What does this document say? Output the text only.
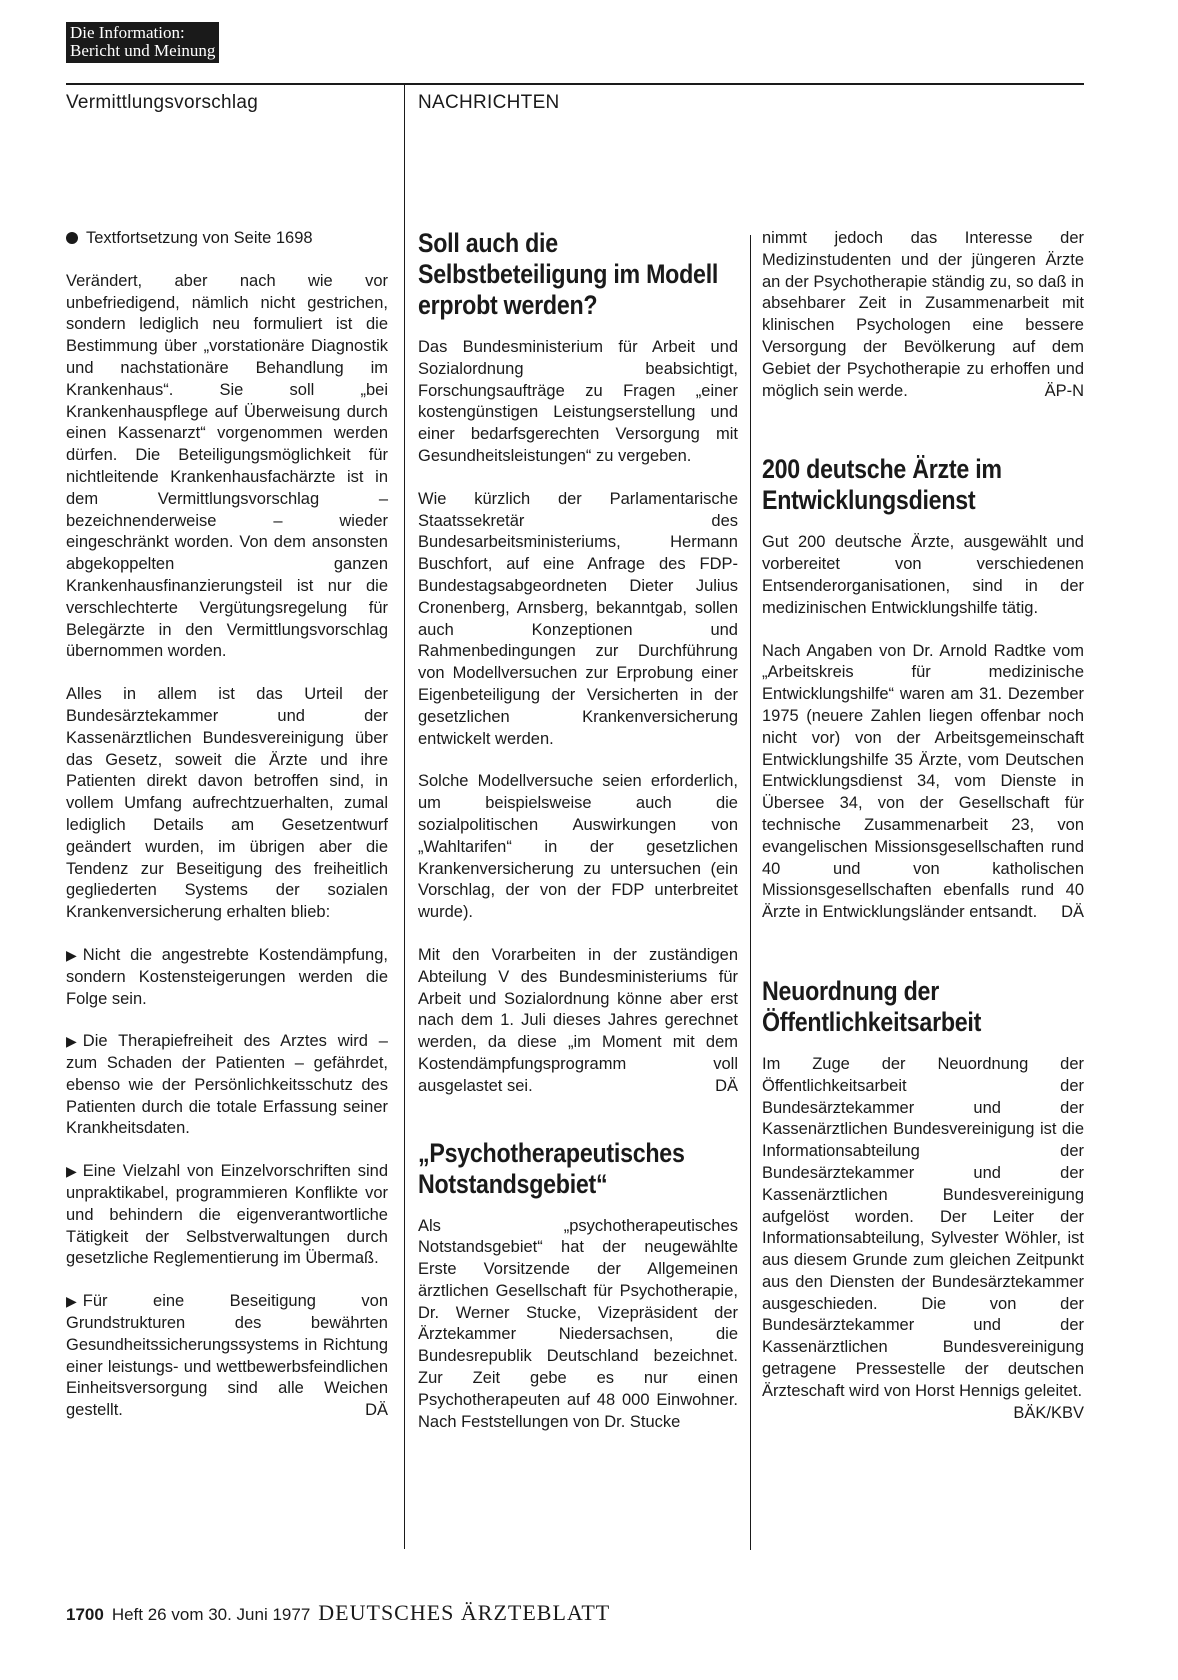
Die Information:
Bericht und Meinung
Vermittlungsvorschlag	NACHRICHTEN

Textfortsetzung von Seite 1698

Verändert, aber nach wie vor unbefriedigend, nämlich nicht gestrichen, sondern lediglich neu formuliert ist die Bestimmung über „vorstationäre Diagnostik und nachstationäre Behandlung im Krankenhaus“. Sie soll „bei Krankenhauspflege auf Überweisung durch einen Kassenarzt“ vorgenommen werden dürfen. Die Beteiligungsmöglichkeit für nichtleitende Krankenhausfachärzte ist in dem Vermittlungsvorschlag – bezeichnenderweise – wieder eingeschränkt worden. Von dem ansonsten abgekoppelten ganzen Krankenhausfinanzierungsteil ist nur die verschlechterte Vergütungsregelung für Belegärzte in den Vermittlungsvorschlag übernommen worden.

Alles in allem ist das Urteil der Bundesärztekammer und der Kassenärztlichen Bundesvereinigung über das Gesetz, soweit die Ärzte und ihre Patienten direkt davon betroffen sind, in vollem Umfang aufrechtzuerhalten, zumal lediglich Details am Gesetzentwurf geändert wurden, im übrigen aber die Tendenz zur Beseitigung des freiheitlich gegliederten Systems der sozialen Krankenversicherung erhalten blieb:

▶ Nicht die angestrebte Kostendämpfung, sondern Kostensteigerungen werden die Folge sein.

▶ Die Therapiefreiheit des Arztes wird – zum Schaden der Patienten – gefährdet, ebenso wie der Persönlichkeitsschutz des Patienten durch die totale Erfassung seiner Krankheitsdaten.

▶ Eine Vielzahl von Einzelvorschriften sind unpraktikabel, programmieren Konflikte vor und behindern die eigenverantwortliche Tätigkeit der Selbstverwaltungen durch gesetzliche Reglementierung im Übermaß.

▶ Für eine Beseitigung von Grundstrukturen des bewährten Gesundheitssicherungssystems in Richtung einer leistungs- und wettbewerbsfeindlichen Einheitsversorgung sind alle Weichen gestellt.	DÄ

Soll auch die Selbstbeteiligung im Modell erprobt werden?

Das Bundesministerium für Arbeit und Sozialordnung beabsichtigt, Forschungsaufträge zu Fragen „einer kostengünstigen Leistungserstellung und einer bedarfsgerechten Versorgung mit Gesundheitsleistungen“ zu vergeben.

Wie kürzlich der Parlamentarische Staatssekretär des Bundesarbeitsministeriums, Hermann Buschfort, auf eine Anfrage des FDP-Bundestagsabgeordneten Dieter Julius Cronenberg, Arnsberg, bekanntgab, sollen auch Konzeptionen und Rahmenbedingungen zur Durchführung von Modellversuchen zur Erprobung einer Eigenbeteiligung der Versicherten in der gesetzlichen Krankenversicherung entwickelt werden.

Solche Modellversuche seien erforderlich, um beispielsweise auch die sozialpolitischen Auswirkungen von „Wahltarifen“ in der gesetzlichen Krankenversicherung zu untersuchen (ein Vorschlag, der von der FDP unterbreitet wurde).

Mit den Vorarbeiten in der zuständigen Abteilung V des Bundesministeriums für Arbeit und Sozialordnung könne aber erst nach dem 1. Juli dieses Jahres gerechnet werden, da diese „im Moment mit dem Kostendämpfungsprogramm voll ausgelastet sei.	DÄ

„Psychotherapeutisches Notstandsgebiet“

Als „psychotherapeutisches Notstandsgebiet“ hat der neugewählte Erste Vorsitzende der Allgemeinen ärztlichen Gesellschaft für Psychotherapie, Dr. Werner Stucke, Vizepräsident der Ärztekammer Niedersachsen, die Bundesrepublik Deutschland bezeichnet. Zur Zeit gebe es nur einen Psychotherapeuten auf 48 000 Einwohner. Nach Feststellungen von Dr. Stucke

nimmt jedoch das Interesse der Medizinstudenten und der jüngeren Ärzte an der Psychotherapie ständig zu, so daß in absehbarer Zeit in Zusammenarbeit mit klinischen Psychologen eine bessere Versorgung der Bevölkerung auf dem Gebiet der Psychotherapie zu erhoffen und möglich sein werde.	ÄP-N

200 deutsche Ärzte im Entwicklungsdienst

Gut 200 deutsche Ärzte, ausgewählt und vorbereitet von verschiedenen Entsenderorganisationen, sind in der medizinischen Entwicklungshilfe tätig.

Nach Angaben von Dr. Arnold Radtke vom „Arbeitskreis für medizinische Entwicklungshilfe“ waren am 31. Dezember 1975 (neuere Zahlen liegen offenbar noch nicht vor) von der Arbeitsgemeinschaft Entwicklungshilfe 35 Ärzte, vom Deutschen Entwicklungsdienst 34, vom Dienste in Übersee 34, von der Gesellschaft für technische Zusammenarbeit 23, von evangelischen Missionsgesellschaften rund 40 und von katholischen Missionsgesellschaften ebenfalls rund 40 Ärzte in Entwicklungsländer entsandt. DÄ

Neuordnung der Öffentlichkeitsarbeit

Im Zuge der Neuordnung der Öffentlichkeitsarbeit der Bundesärztekammer und der Kassenärztlichen Bundesvereinigung ist die Informationsabteilung der Bundesärztekammer und der Kassenärztlichen Bundesvereinigung aufgelöst worden. Der Leiter der Informationsabteilung, Sylvester Wöhler, ist aus diesem Grunde zum gleichen Zeitpunkt aus den Diensten der Bundesärztekammer ausgeschieden. Die von der Bundesärztekammer und der Kassenärztlichen Bundesvereinigung getragene Pressestelle der deutschen Ärzteschaft wird von Horst Hennigs geleitet.
BÄK/KBV

1700 Heft 26 vom 30. Juni 1977 DEUTSCHES ÄRZTEBLATT
